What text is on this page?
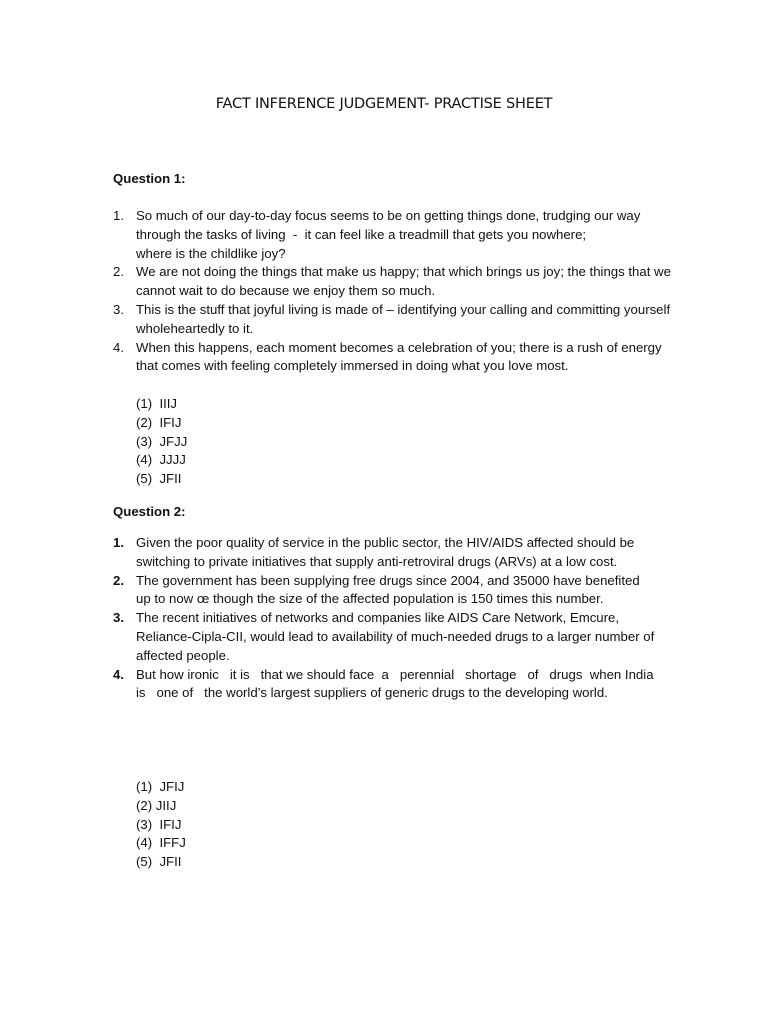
FACT INFERENCE JUDGEMENT- PRACTISE SHEET
Question 1:
1. So much of our day-to-day focus seems to be on getting things done, trudging our way through the tasks of living  -  it can feel like a treadmill that gets you nowhere;
where is the childlike joy?
2. We are not doing the things that make us happy; that which brings us joy; the things that we cannot wait to do because we enjoy them so much.
3. This is the stuff that joyful living is made of – identifying your calling and committing yourself wholeheartedly to it.
4. When this happens, each moment becomes a celebration of you; there is a rush of energy that comes with feeling completely immersed in doing what you love most.
(1)  IIIJ
(2)  IFIJ
(3)  JFJJ
(4)  JJJJ
(5)  JFII
Question 2:
1. Given the poor quality of service in the public sector, the HIV/AIDS affected should be switching to private initiatives that supply anti-retroviral drugs (ARVs) at a low cost.
2. The government has been supplying free drugs since 2004, and 35000 have benefited up to now œ though the size of the affected population is 150 times this number.
3. The recent initiatives of networks and companies like AIDS Care Network, Emcure, Reliance-Cipla-CII, would lead to availability of much-needed drugs to a larger number of affected people.
4. But how ironic   it is   that we should face  a   perennial   shortage   of   drugs  when India   is   one of   the world’s largest suppliers of generic drugs to the developing world.
(1)  JFIJ
(2) JIIJ
(3)  IFIJ
(4)  IFFJ
(5)  JFII
